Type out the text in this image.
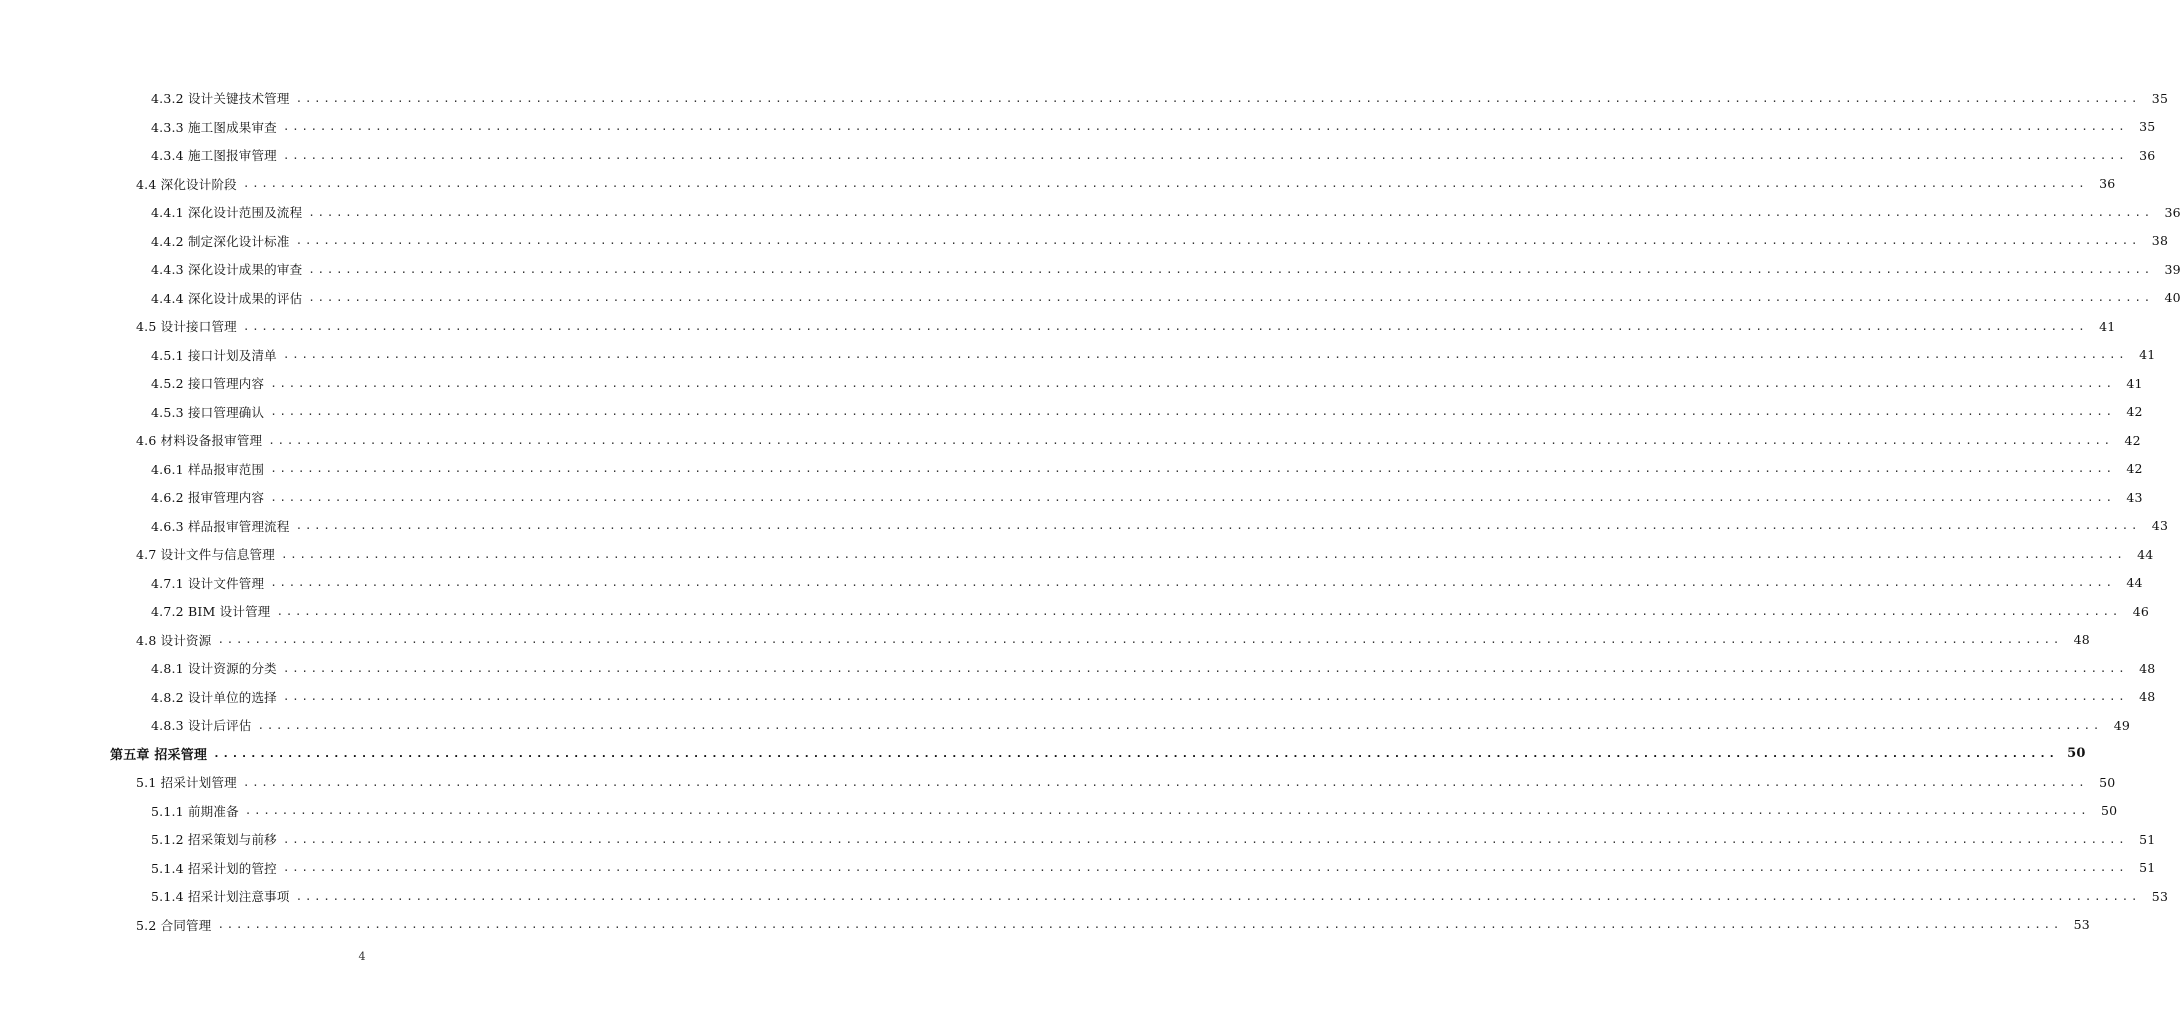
4.3.2 设计关键技术管理 ........................................................................................................................................................................................................ 35
4.3.3 施工图成果审查 ........................................................................................................................................................................................................ 35
4.3.4 施工图报审管理 ........................................................................................................................................................................................................ 36
4.4 深化设计阶段 ........................................................................................................................................................................................................ 36
4.4.1 深化设计范围及流程 ........................................................................................................................................................................................................ 36
4.4.2 制定深化设计标准 ........................................................................................................................................................................................................ 38
4.4.3 深化设计成果的审查 ........................................................................................................................................................................................................ 39
4.4.4 深化设计成果的评估 ........................................................................................................................................................................................................ 40
4.5 设计接口管理 ........................................................................................................................................................................................................ 41
4.5.1 接口计划及清单 ........................................................................................................................................................................................................ 41
4.5.2 接口管理内容 ........................................................................................................................................................................................................ 41
4.5.3 接口管理确认 ........................................................................................................................................................................................................ 42
4.6 材料设备报审管理 ........................................................................................................................................................................................................ 42
4.6.1 样品报审范围 ........................................................................................................................................................................................................ 42
4.6.2 报审管理内容 ........................................................................................................................................................................................................ 43
4.6.3 样品报审管理流程 ........................................................................................................................................................................................................ 43
4.7 设计文件与信息管理 ........................................................................................................................................................................................................ 44
4.7.1 设计文件管理 ........................................................................................................................................................................................................ 44
4.7.2 BIM 设计管理 ........................................................................................................................................................................................................ 46
4.8 设计资源 ........................................................................................................................................................................................................ 48
4.8.1 设计资源的分类 ........................................................................................................................................................................................................ 48
4.8.2 设计单位的选择 ........................................................................................................................................................................................................ 48
4.8.3 设计后评估 ........................................................................................................................................................................................................ 49
第五章 招采管理 ........................................................................................................................................................................................................ 50
5.1 招采计划管理 ........................................................................................................................................................................................................ 50
5.1.1 前期准备 ........................................................................................................................................................................................................ 50
5.1.2 招采策划与前移 ........................................................................................................................................................................................................ 51
5.1.4 招采计划的管控 ........................................................................................................................................................................................................ 51
5.1.4 招采计划注意事项 ........................................................................................................................................................................................................ 53
5.2 合同管理 ........................................................................................................................................................................................................ 53
4
